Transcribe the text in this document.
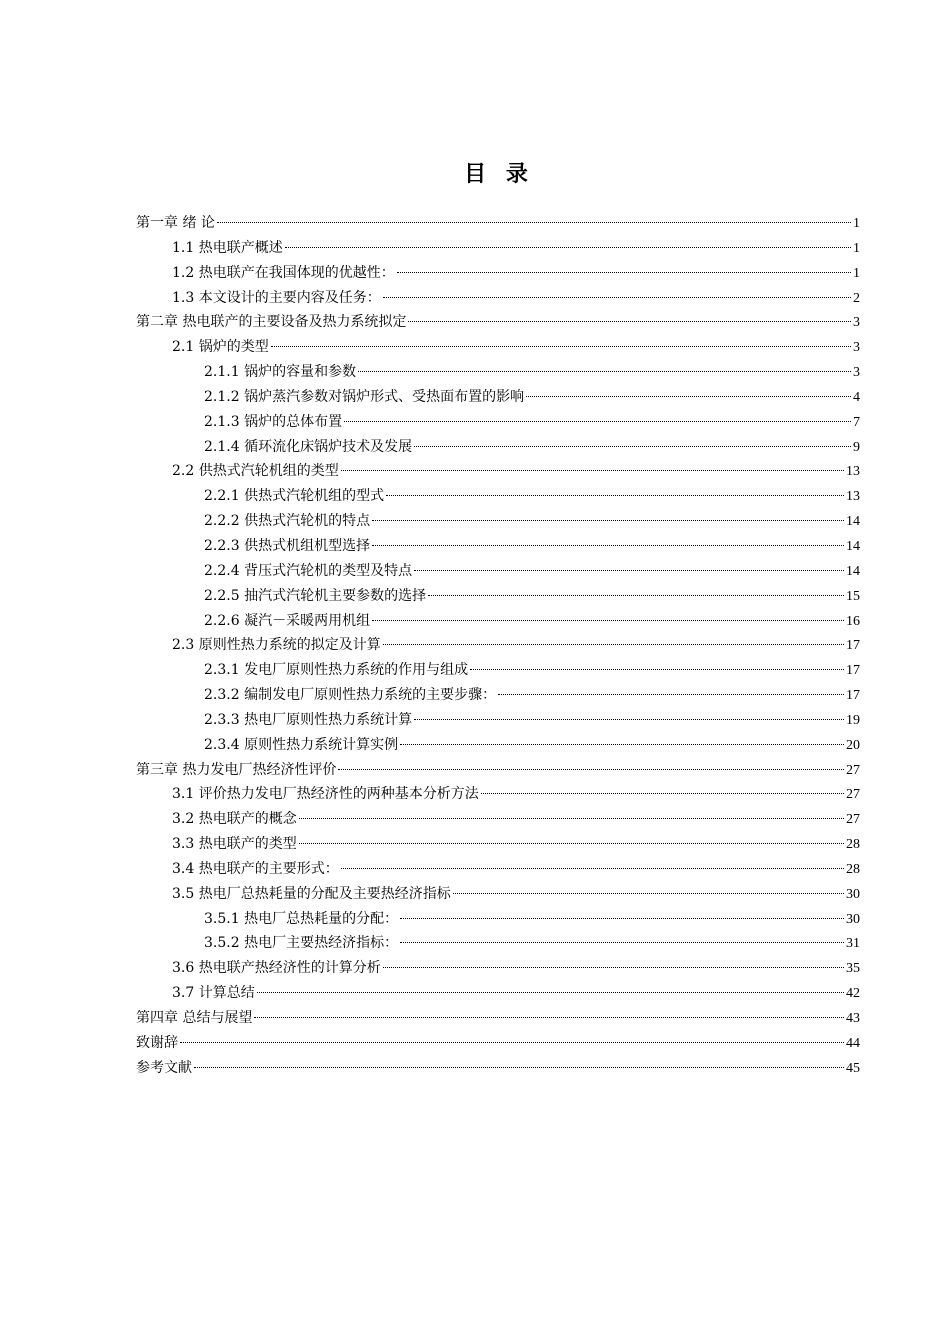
目 录
第一章 绪 论	1
1.1 热电联产概述	1
1.2 热电联产在我国体现的优越性：	1
1.3 本文设计的主要内容及任务：	2
第二章 热电联产的主要设备及热力系统拟定	3
2.1 锅炉的类型	3
2.1.1 锅炉的容量和参数	3
2.1.2 锅炉蒸汽参数对锅炉形式、受热面布置的影响	4
2.1.3 锅炉的总体布置	7
2.1.4 循环流化床锅炉技术及发展	9
2.2 供热式汽轮机组的类型	13
2.2.1 供热式汽轮机组的型式	13
2.2.2 供热式汽轮机的特点	14
2.2.3 供热式机组机型选择	14
2.2.4 背压式汽轮机的类型及特点	14
2.2.5 抽汽式汽轮机主要参数的选择	15
2.2.6 凝汽－采暖两用机组	16
2.3 原则性热力系统的拟定及计算	17
2.3.1 发电厂原则性热力系统的作用与组成	17
2.3.2 编制发电厂原则性热力系统的主要步骤：	17
2.3.3 热电厂原则性热力系统计算	19
2.3.4 原则性热力系统计算实例	20
第三章 热力发电厂热经济性评价	27
3.1 评价热力发电厂热经济性的两种基本分析方法	27
3.2 热电联产的概念	27
3.3 热电联产的类型	28
3.4 热电联产的主要形式：	28
3.5 热电厂总热耗量的分配及主要热经济指标	30
3.5.1 热电厂总热耗量的分配：	30
3.5.2 热电厂主要热经济指标：	31
3.6 热电联产热经济性的计算分析	35
3.7 计算总结	42
第四章 总结与展望	43
致谢辞	44
参考文献	45
